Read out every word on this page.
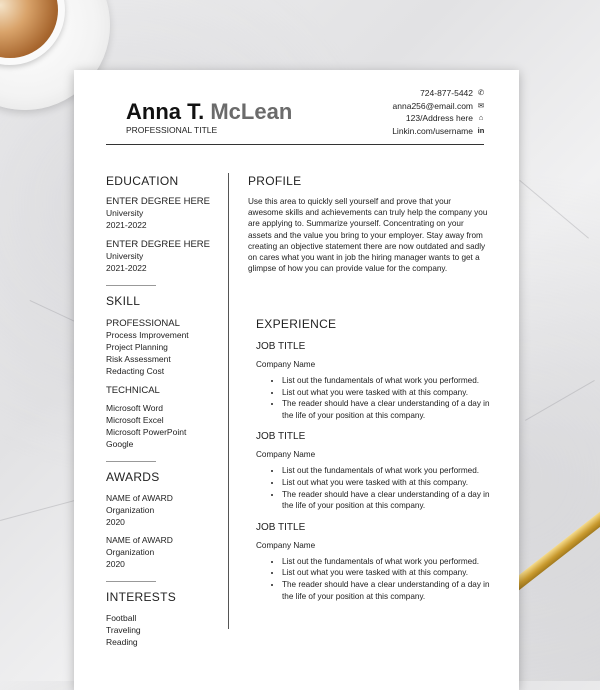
Anna T. McLean
PROFESSIONAL TITLE
724-877-5442 ✆
anna256@email.com ✉
123/Address here ⌂
Linkin.com/username in
EDUCATION
ENTER DEGREE HERE
University
2021-2022
ENTER DEGREE HERE
University
2021-2022
SKILL
PROFESSIONAL
Process Improvement
Project Planning
Risk Assessment
Redacting Cost
TECHNICAL
Microsoft Word
Microsoft Excel
Microsoft PowerPoint
Google
AWARDS
NAME of AWARD
Organization
2020
NAME of AWARD
Organization
2020
INTERESTS
Football
Traveling
Reading
PROFILE

Use this area to quickly sell yourself and prove that your awesome skills and achievements can truly help the company you are applying to. Summarize yourself. Concentrating on your assets and the value you bring to your employer. Stay away from creating an objective statement there are now outdated and sadly on cares what you want in job the hiring manager wants to get a glimpse of how you can provide value for the company.

EXPERIENCE
JOB TITLE
Company Name
• List out the fundamentals of what work you performed.
• List out what you were tasked with at this company.
• The reader should have a clear understanding of a day in the life of your position at this company.
JOB TITLE
Company Name
• List out the fundamentals of what work you performed.
• List out what you were tasked with at this company.
• The reader should have a clear understanding of a day in the life of your position at this company.
JOB TITLE
Company Name
• List out the fundamentals of what work you performed.
• List out what you were tasked with at this company.
• The reader should have a clear understanding of a day in the life of your position at this company.
